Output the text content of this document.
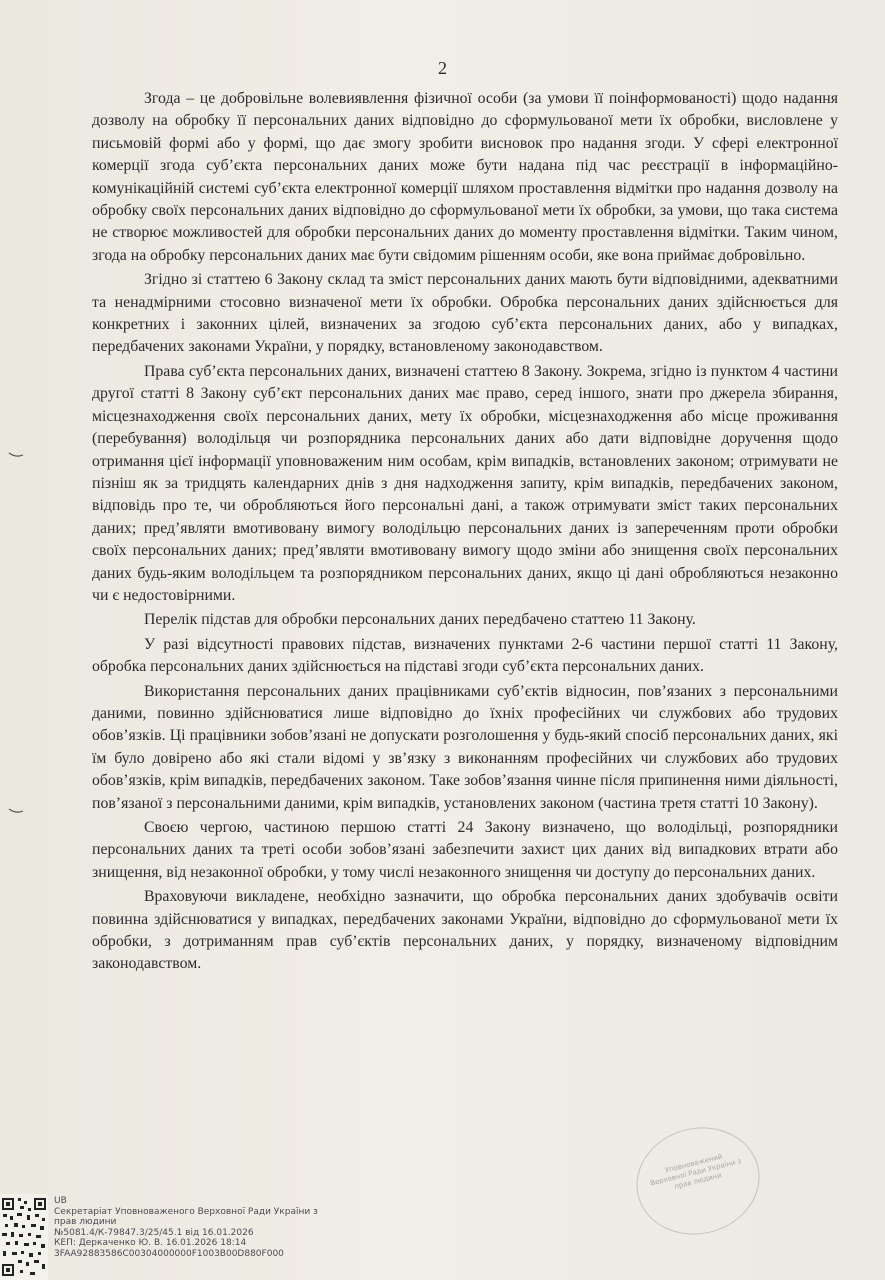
2

Згода – це добровільне волевиявлення фізичної особи (за умови її поінформованості) щодо надання дозволу на обробку її персональних даних відповідно до сформульованої мети їх обробки, висловлене у письмовій формі або у формі, що дає змогу зробити висновок про надання згоди. У сфері електронної комерції згода суб’єкта персональних даних може бути надана під час реєстрації в інформаційно-комунікаційній системі суб’єкта електронної комерції шляхом проставлення відмітки про надання дозволу на обробку своїх персональних даних відповідно до сформульованої мети їх обробки, за умови, що така система не створює можливостей для обробки персональних даних до моменту проставлення відмітки. Таким чином, згода на обробку персональних даних має бути свідомим рішенням особи, яке вона приймає добровільно.

Згідно зі статтею 6 Закону склад та зміст персональних даних мають бути відповідними, адекватними та ненадмірними стосовно визначеної мети їх обробки. Обробка персональних даних здійснюється для конкретних і законних цілей, визначених за згодою суб’єкта персональних даних, або у випадках, передбачених законами України, у порядку, встановленому законодавством.

Права суб’єкта персональних даних, визначені статтею 8 Закону. Зокрема, згідно із пунктом 4 частини другої статті 8 Закону суб’єкт персональних даних має право, серед іншого, знати про джерела збирання, місцезнаходження своїх персональних даних, мету їх обробки, місцезнаходження або місце проживання (перебування) володільця чи розпорядника персональних даних або дати відповідне доручення щодо отримання цієї інформації уповноваженим ним особам, крім випадків, встановлених законом; отримувати не пізніш як за тридцять календарних днів з дня надходження запиту, крім випадків, передбачених законом, відповідь про те, чи обробляються його персональні дані, а також отримувати зміст таких персональних даних; пред’являти вмотивовану вимогу володільцю персональних даних із запереченням проти обробки своїх персональних даних; пред’являти вмотивовану вимогу щодо зміни або знищення своїх персональних даних будь-яким володільцем та розпорядником персональних даних, якщо ці дані обробляються незаконно чи є недостовірними.

Перелік підстав для обробки персональних даних передбачено статтею 11 Закону.

У разі відсутності правових підстав, визначених пунктами 2-6 частини першої статті 11 Закону, обробка персональних даних здійснюється на підставі згоди суб’єкта персональних даних.

Використання персональних даних працівниками суб’єктів відносин, пов’язаних з персональними даними, повинно здійснюватися лише відповідно до їхніх професійних чи службових або трудових обов’язків. Ці працівники зобов’язані не допускати розголошення у будь-який спосіб персональних даних, які їм було довірено або які стали відомі у зв’язку з виконанням професійних чи службових або трудових обов’язків, крім випадків, передбачених законом. Таке зобов’язання чинне після припинення ними діяльності, пов’язаної з персональними даними, крім випадків, установлених законом (частина третя статті 10 Закону).

Своєю чергою, частиною першою статті 24 Закону визначено, що володільці, розпорядники персональних даних та треті особи зобов’язані забезпечити захист цих даних від випадкових втрати або знищення, від незаконної обробки, у тому числі незаконного знищення чи доступу до персональних даних.

Враховуючи викладене, необхідно зазначити, що обробка персональних даних здобувачів освіти повинна здійснюватися у випадках, передбачених законами України, відповідно до сформульованої мети їх обробки, з дотриманням прав суб’єктів персональних даних, у порядку, визначеному відповідним законодавством.

Уповноважений Верховної Ради України з прав людини
UB
Секретаріат Уповноваженого Верховної Ради України з
прав людини
№5081.4/К-79847.3/25/45.1 від 16.01.2026
КЕП: Деркаченко Ю. В. 16.01.2026 18:14
3FAA92883586C00304000000F1003B00D880F000
